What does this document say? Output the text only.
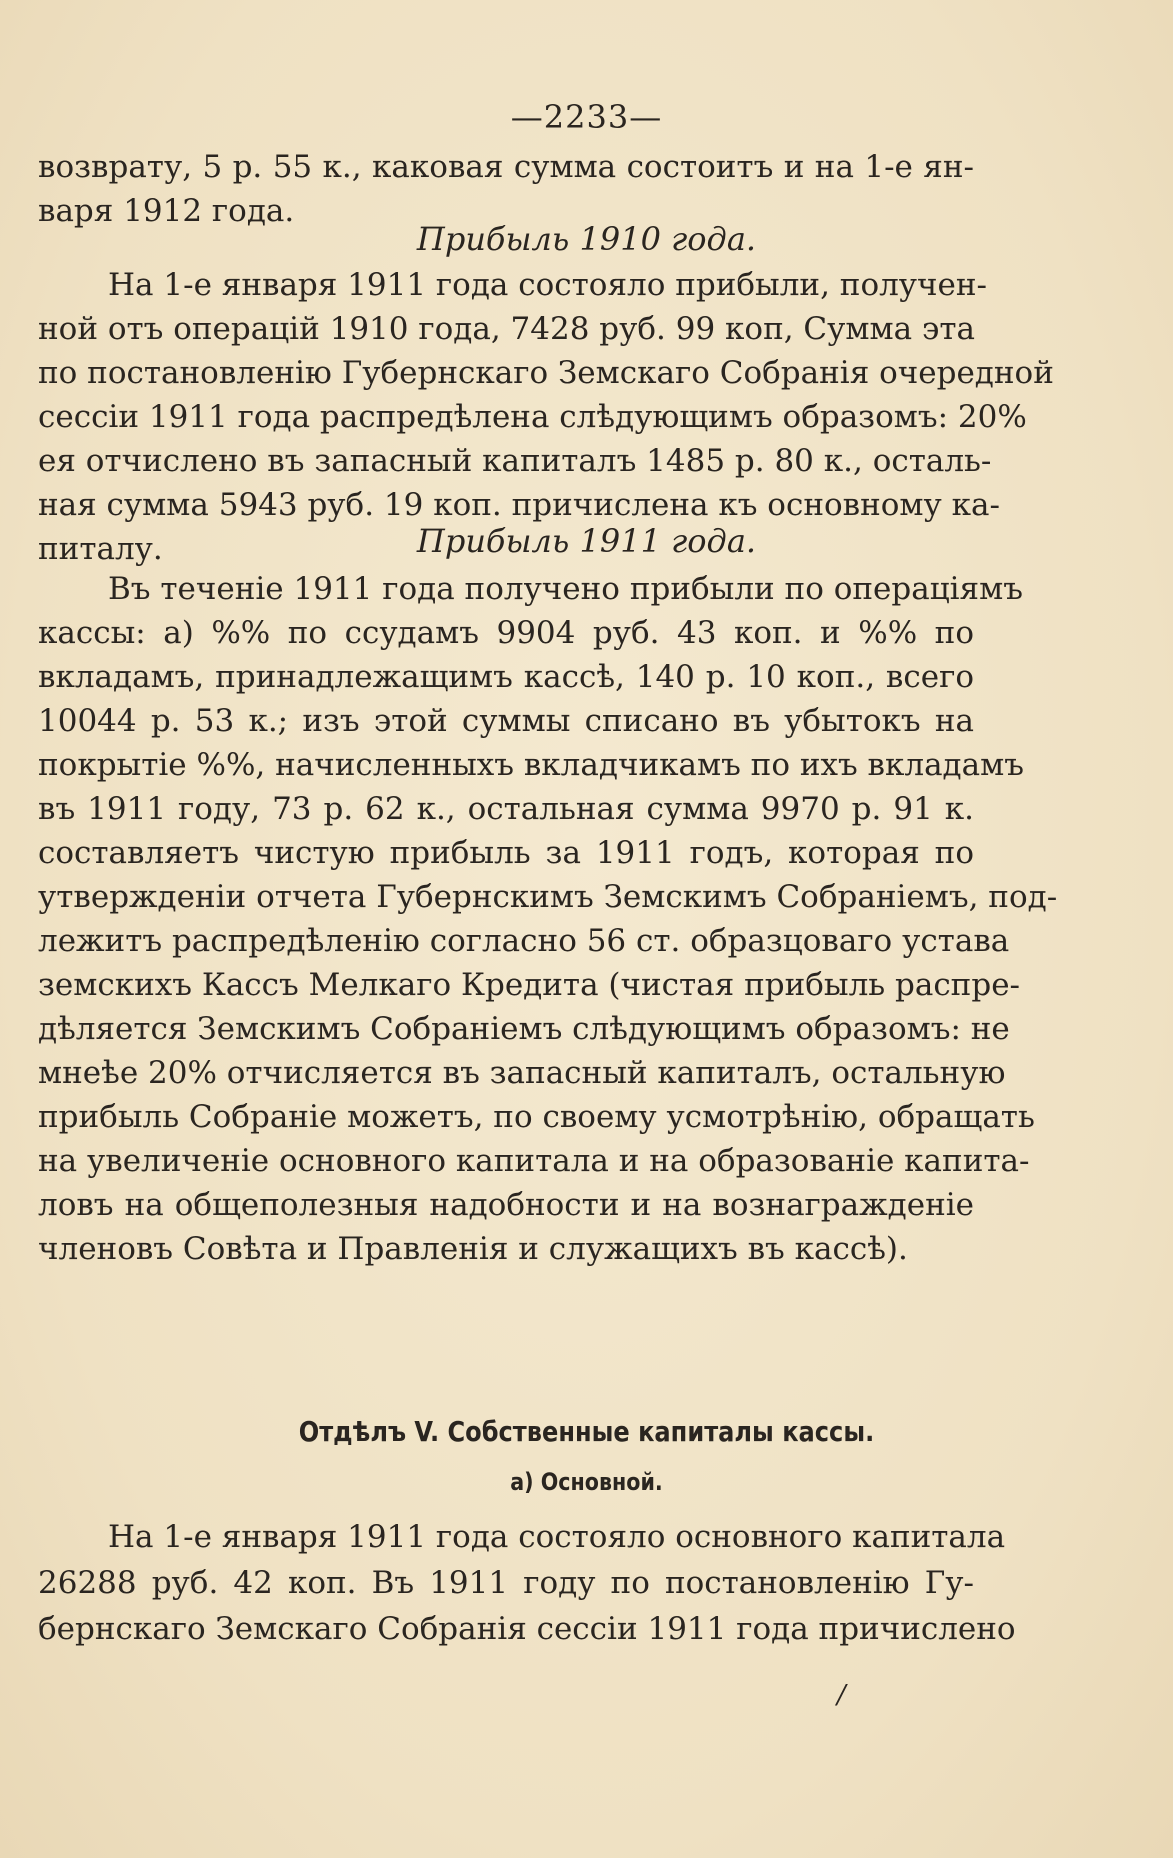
—2233—
возврату, 5 р. 55 к., каковая сумма состоитъ и на 1-е ян-
варя 1912 года.
Прибыль 1910 года.
На 1-е января 1911 года состояло прибыли, получен-
ной отъ операцій 1910 года, 7428 руб. 99 коп, Сумма эта
по постановленію Губернскаго Земскаго Собранія очередной
сессіи 1911 года распредѣлена слѣдующимъ образомъ: 20%
ея отчислено въ запасный капиталъ 1485 р. 80 к., осталь-
ная сумма 5943 руб. 19 коп. причислена къ основному ка-
питалу.	Прибыль 1911 года.
Въ теченіе 1911 года получено прибыли по операціямъ
кассы: а) %% по ссудамъ 9904 руб. 43 коп. и %% по
вкладамъ, принадлежащимъ кассѣ, 140 р. 10 коп., всего
10044 р. 53 к.; изъ этой суммы списано въ убытокъ на
покрытіе %%, начисленныхъ вкладчикамъ по ихъ вкладамъ
въ 1911 году, 73 р. 62 к., остальная сумма 9970 р. 91 к.
составляетъ чистую прибыль за 1911 годъ, которая по
утвержденіи отчета Губернскимъ Земскимъ Собраніемъ, под-
лежитъ распредѣленію согласно 56 ст. образцоваго устава
земскихъ Кассъ Мелкаго Кредита (чистая прибыль распре-
дѣляется Земскимъ Собраніемъ слѣдующимъ образомъ: не
мнеѣе 20% отчисляется въ запасный капиталъ, остальную
прибыль Собраніе можетъ, по своему усмотрѣнію, обращать
на увеличеніе основного капитала и на образованіе капита-
ловъ на общеполезныя надобности и на вознагражденіе
членовъ Совѣта и Правленія и служащихъ въ кассѣ).
Отдѣлъ V. Собственные капиталы кассы.
а) Основной.
На 1-е января 1911 года состояло основного капитала
26288 руб. 42 коп. Въ 1911 году по постановленію Гу-
бернскаго Земскаго Собранія сессіи 1911 года причислено
/
